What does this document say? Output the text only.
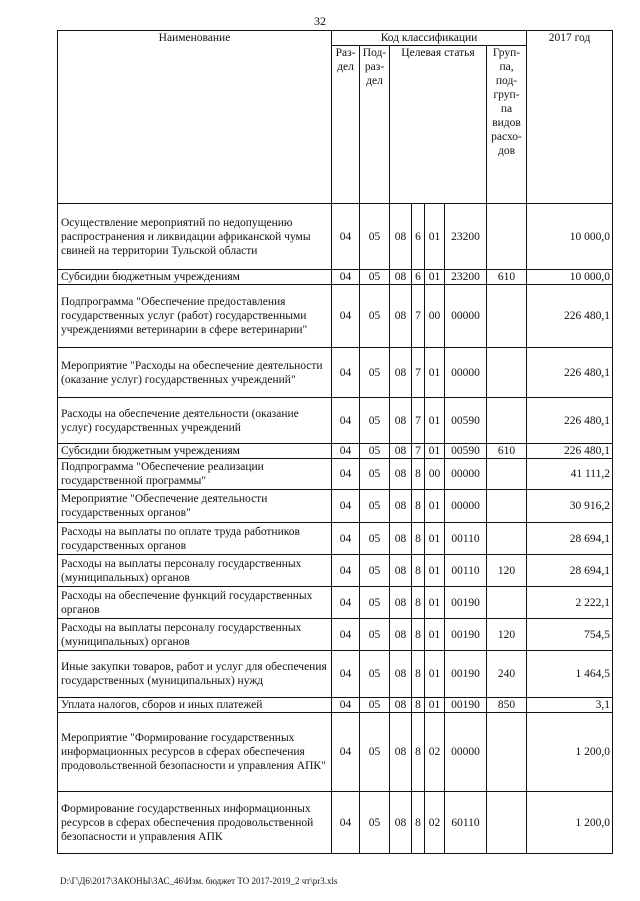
32
Наименование	Код классификации							2017 год
	Раз- дел	Под- раз- дел	Целевая статья				Груп- па, под- груп- па видов расхо- дов	

Осуществление мероприятий по недопущению распространения и ликвидации африканской чумы свиней на территории Тульской области	04	05	08	6	01	23200		10 000,0
Субсидии бюджетным учреждениям	04	05	08	6	01	23200	610	10 000,0
Подпрограмма "Обеспечение предоставления государственных услуг (работ) государственными учреждениями ветеринарии в сфере ветеринарии"	04	05	08	7	00	00000		226 480,1
Мероприятие "Расходы на обеспечение деятельности (оказание услуг) государственных учреждений"	04	05	08	7	01	00000		226 480,1
Расходы на обеспечение деятельности (оказание услуг) государственных учреждений	04	05	08	7	01	00590		226 480,1
Субсидии бюджетным учреждениям	04	05	08	7	01	00590	610	226 480,1
Подпрограмма "Обеспечение реализации государственной программы"	04	05	08	8	00	00000		41 111,2
Мероприятие "Обеспечение деятельности государственных органов"	04	05	08	8	01	00000		30 916,2
Расходы на выплаты по оплате труда работников государственных органов	04	05	08	8	01	00110		28 694,1
Расходы на выплаты персоналу государственных (муниципальных) органов	04	05	08	8	01	00110	120	28 694,1
Расходы на обеспечение функций государственных органов	04	05	08	8	01	00190		2 222,1
Расходы на выплаты персоналу государственных (муниципальных) органов	04	05	08	8	01	00190	120	754,5
Иные закупки товаров, работ и услуг для обеспечения государственных (муниципальных) нужд	04	05	08	8	01	00190	240	1 464,5
Уплата налогов, сборов и иных платежей	04	05	08	8	01	00190	850	3,1
Мероприятие "Формирование государственных информационных ресурсов в сферах обеспечения продовольственной безопасности и управления АПК"	04	05	08	8	02	00000		1 200,0
Формирование государственных информационных ресурсов в сферах обеспечения продовольственной безопасности и управления АПК	04	05	08	8	02	60110		1 200,0
D:\Г\Д6\2017\ЗАКОНЫ\ЗАС_46\Изм. бюджет ТО 2017-2019_2 чт\pr3.xls
